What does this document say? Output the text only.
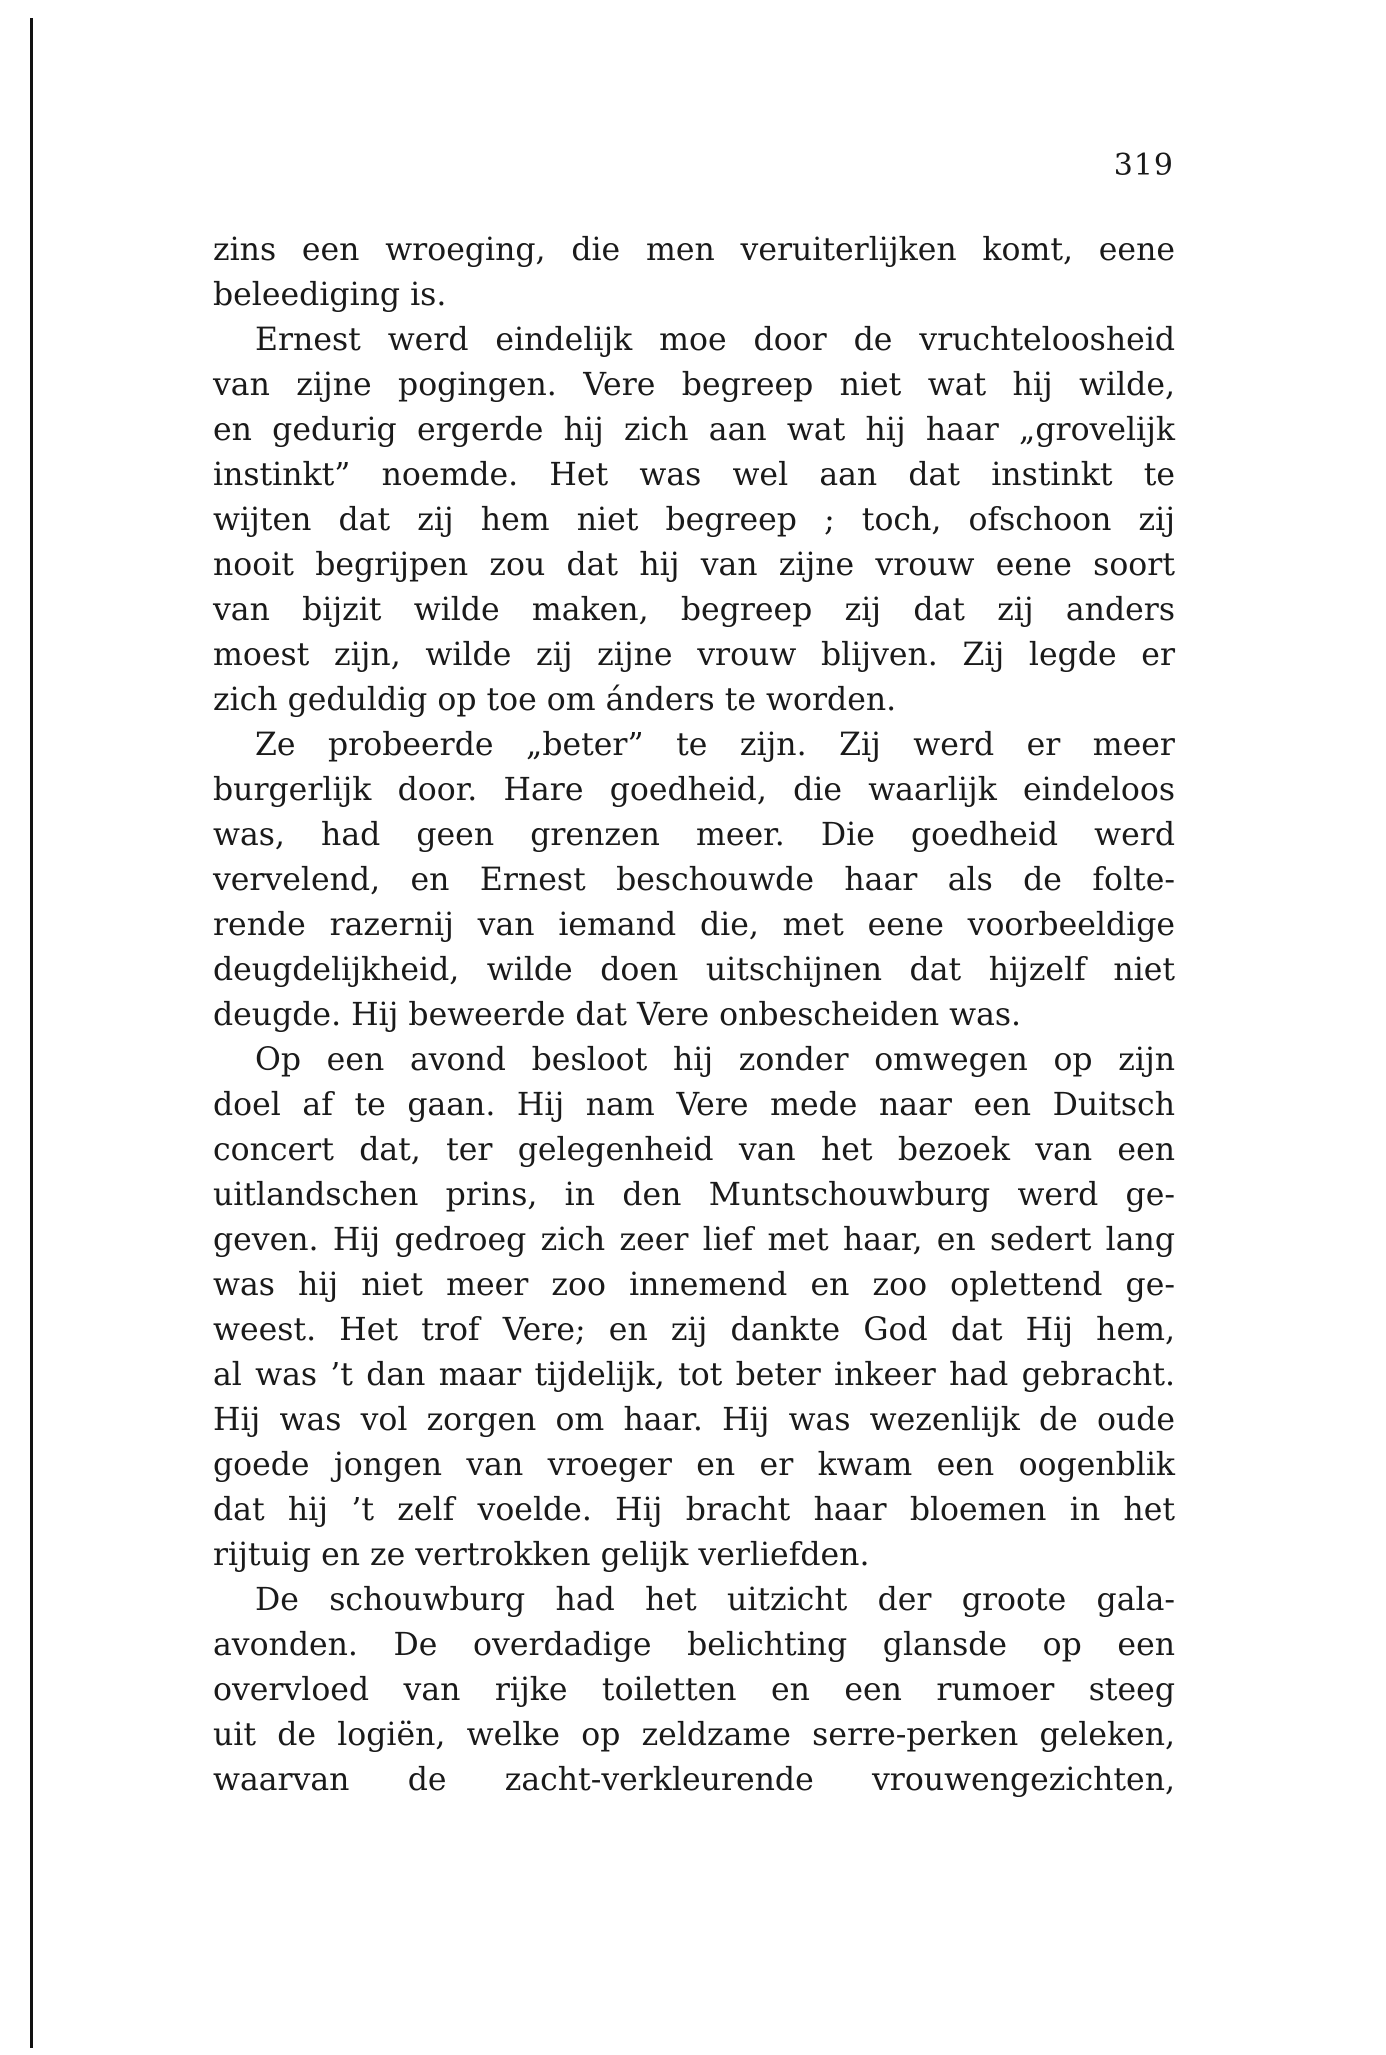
319
zins een wroeging, die men veruiterlijken komt, eene
beleediging is.
Ernest werd eindelijk moe door de vruchteloosheid
van zijne pogingen. Vere begreep niet wat hij wilde,
en gedurig ergerde hij zich aan wat hij haar „grovelijk
instinkt” noemde. Het was wel aan dat instinkt te
wijten dat zij hem niet begreep ; toch, ofschoon zij
nooit begrijpen zou dat hij van zijne vrouw eene soort
van bijzit wilde maken, begreep zij dat zij anders
moest zijn, wilde zij zijne vrouw blijven. Zij legde er
zich geduldig op toe om ánders te worden.
Ze probeerde „beter” te zijn. Zij werd er meer
burgerlijk door. Hare goedheid, die waarlijk eindeloos
was, had geen grenzen meer. Die goedheid werd
vervelend, en Ernest beschouwde haar als de folte-
rende razernij van iemand die, met eene voorbeeldige
deugdelijkheid, wilde doen uitschijnen dat hijzelf niet
deugde. Hij beweerde dat Vere onbescheiden was.
Op een avond besloot hij zonder omwegen op zijn
doel af te gaan. Hij nam Vere mede naar een Duitsch
concert dat, ter gelegenheid van het bezoek van een
uitlandschen prins, in den Muntschouwburg werd ge-
geven. Hij gedroeg zich zeer lief met haar, en sedert lang
was hij niet meer zoo innemend en zoo oplettend ge-
weest. Het trof Vere; en zij dankte God dat Hij hem,
al was ’t dan maar tijdelijk, tot beter inkeer had gebracht.
Hij was vol zorgen om haar. Hij was wezenlijk de oude
goede jongen van vroeger en er kwam een oogenblik
dat hij ’t zelf voelde. Hij bracht haar bloemen in het
rijtuig en ze vertrokken gelijk verliefden.
De schouwburg had het uitzicht der groote gala-
avonden. De overdadige belichting glansde op een
overvloed van rijke toiletten en een rumoer steeg
uit de logiën, welke op zeldzame serre-perken geleken,
waarvan de zacht-verkleurende vrouwengezichten,
